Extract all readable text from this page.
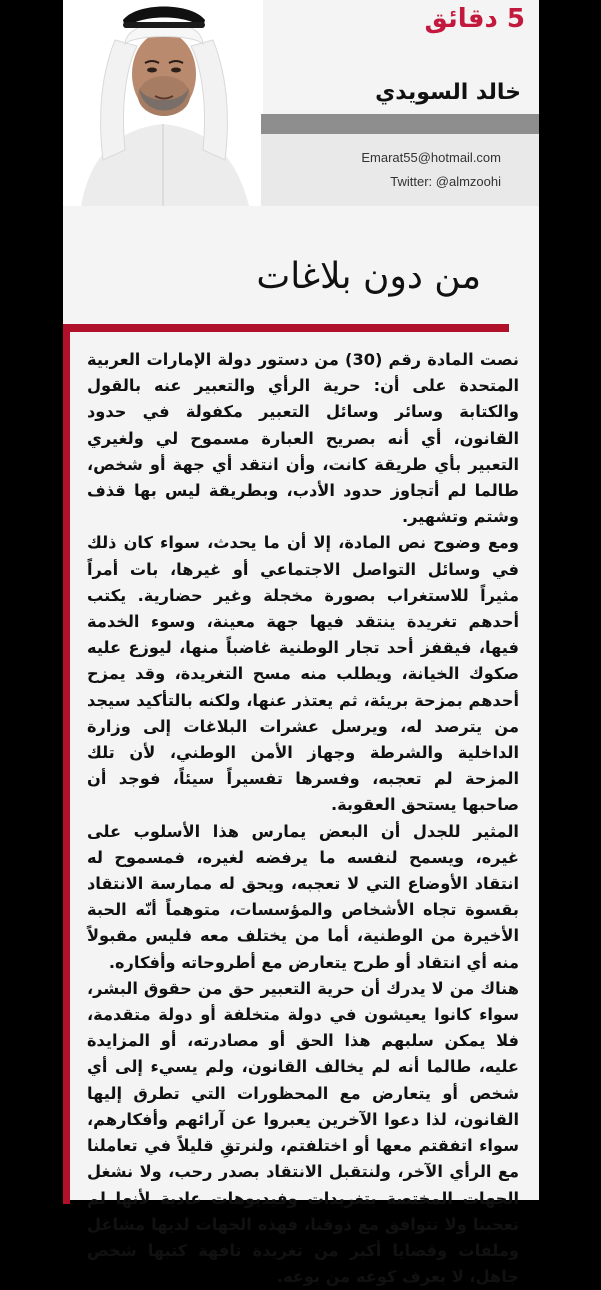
5 دقائق
خالد السويدي
Emarat55@hotmail.com
Twitter: @almzoohi
من دون بلاغات

نصت المادة رقم (30) من دستور دولة الإمارات العربية المتحدة على أن: حرية الرأي والتعبير عنه بالقول والكتابة وسائر وسائل التعبير مكفولة في حدود القانون، أي أنه بصريح العبارة مسموح لي ولغيري التعبير بأي طريقة كانت، وأن انتقد أي جهة أو شخص، طالما لم أتجاوز حدود الأدب، وبطريقة ليس بها قذف وشتم وتشهير.

ومع وضوح نص المادة، إلا أن ما يحدث، سواء كان ذلك في وسائل التواصل الاجتماعي أو غيرها، بات أمراً مثيراً للاستغراب بصورة مخجلة وغير حضارية. يكتب أحدهم تغريدة ينتقد فيها جهة معينة، وسوء الخدمة فيها، فيقفز أحد تجار الوطنية غاضباً منها، ليوزع عليه صكوك الخيانة، ويطلب منه مسح التغريدة، وقد يمزح أحدهم بمزحة بريئة، ثم يعتذر عنها، ولكنه بالتأكيد سيجد من يترصد له، ويرسل عشرات البلاغات إلى وزارة الداخلية والشرطة وجهاز الأمن الوطني، لأن تلك المزحة لم تعجبه، وفسرها تفسيراً سيئاً، فوجد أن صاحبها يستحق العقوبة.

المثير للجدل أن البعض يمارس هذا الأسلوب على غيره، ويسمح لنفسه ما يرفضه لغيره، فمسموح له انتقاد الأوضاع التي لا تعجبه، ويحق له ممارسة الانتقاد بقسوة تجاه الأشخاص والمؤسسات، متوهماً أنّه الحبة الأخيرة من الوطنية، أما من يختلف معه فليس مقبولاً منه أي انتقاد أو طرح يتعارض مع أطروحاته وأفكاره.

هناك من لا يدرك أن حرية التعبير حق من حقوق البشر، سواء كانوا يعيشون في دولة متخلفة أو دولة متقدمة، فلا يمكن سلبهم هذا الحق أو مصادرته، أو المزايدة عليه، طالما أنه لم يخالف القانون، ولم يسيء إلى أي شخص أو يتعارض مع المحظورات التي تطرق إليها القانون، لذا دعوا الآخرين يعبروا عن آرائهم وأفكارهم، سواء اتفقتم معها أو اختلفتم، ولنرتقِ قليلاً في تعاملنا مع الرأي الآخر، ولنتقبل الانتقاد بصدر رحب، ولا نشغل الجهات المختصة بتغريدات وفيديوهات عادية لأنها لم تعجبنا ولا تتوافق مع ذوقنا، فهذه الجهات لديها مشاغل وملفات وقضايا أكبر من تغريدة تافهة كتبها شخص جاهل، لا يعرف كوعه من بوعه.
